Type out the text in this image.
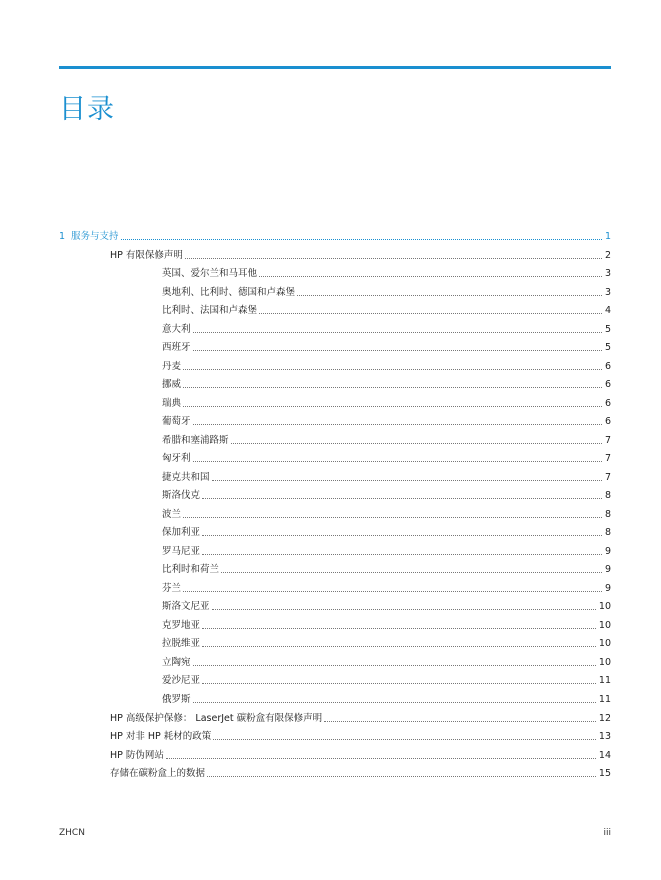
目录
1 服务与支持	1
HP 有限保修声明	2
英国、爱尔兰和马耳他	3
奥地利、比利时、德国和卢森堡	3
比利时、法国和卢森堡	4
意大利	5
西班牙	5
丹麦	6
挪威	6
瑞典	6
葡萄牙	6
希腊和塞浦路斯	7
匈牙利	7
捷克共和国	7
斯洛伐克	8
波兰	8
保加利亚	8
罗马尼亚	9
比利时和荷兰	9
芬兰	9
斯洛文尼亚	10
克罗地亚	10
拉脱维亚	10
立陶宛	10
爱沙尼亚	11
俄罗斯	11
HP 高级保护保修： LaserJet 碳粉盒有限保修声明	12
HP 对非 HP 耗材的政策	13
HP 防伪网站	14
存储在碳粉盒上的数据	15
ZHCN	iii
